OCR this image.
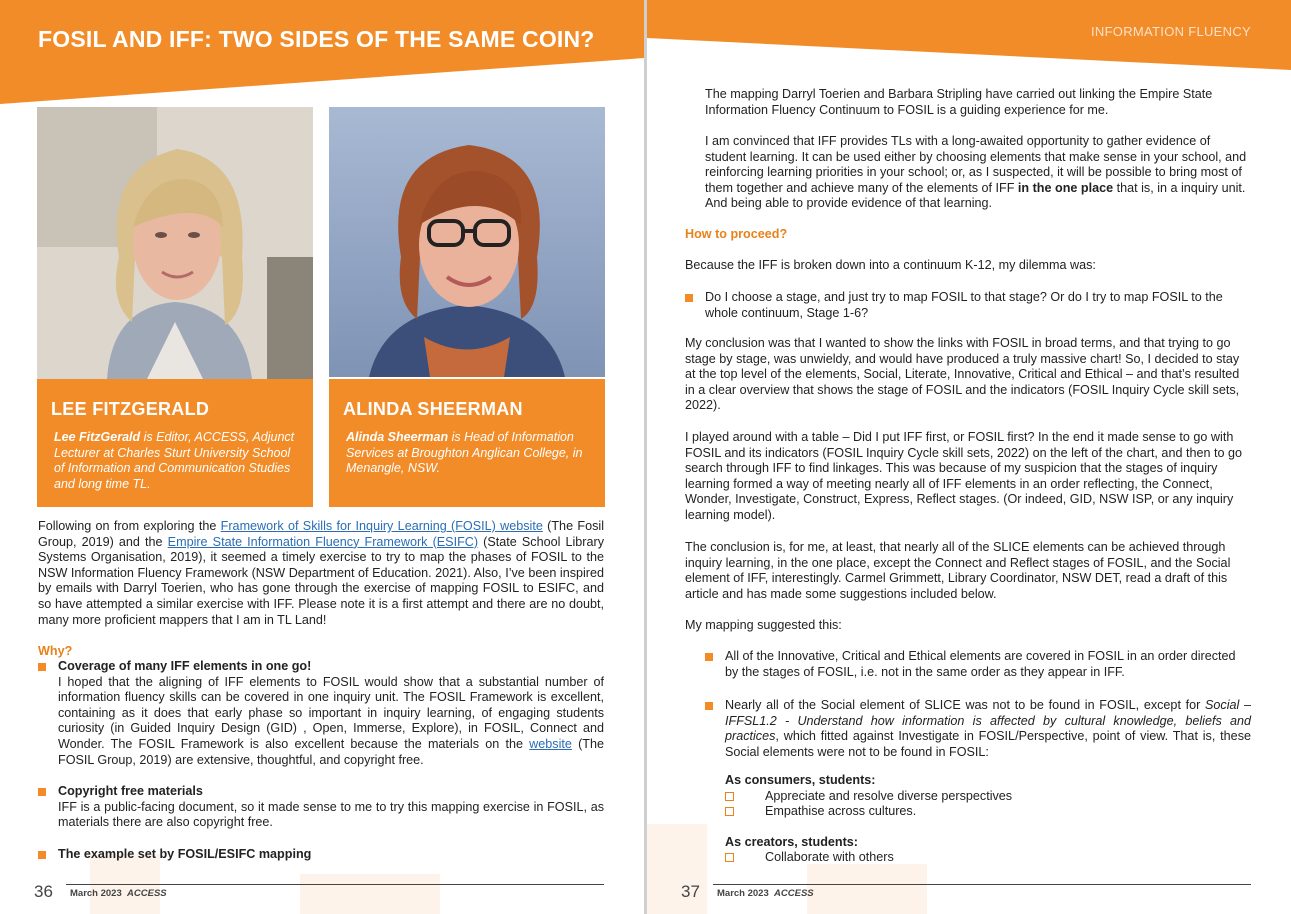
FOSIL AND IFF: TWO SIDES OF THE SAME COIN?
LEE FITZGERALD
Lee FitzGerald is Editor, ACCESS, Adjunct Lecturer at Charles Sturt University School of Information and Communication Studies and long time TL.
ALINDA SHEERMAN
Alinda Sheerman is Head of Information Services at Broughton Anglican College, in Menangle, NSW.
Following on from exploring the Framework of Skills for Inquiry Learning (FOSIL) website (The Fosil Group, 2019) and the Empire State Information Fluency Framework (ESIFC) (State School Library Systems Organisation, 2019), it seemed a timely exercise to try to map the phases of FOSIL to the NSW Information Fluency Framework (NSW Department of Education. 2021). Also, I’ve been inspired by emails with Darryl Toerien, who has gone through the exercise of mapping FOSIL to ESIFC, and so have attempted a similar exercise with IFF. Please note it is a first attempt and there are no doubt, many more proficient mappers that I am in TL Land!
Why?
Coverage of many IFF elements in one go!
I hoped that the aligning of IFF elements to FOSIL would show that a substantial number of information fluency skills can be covered in one inquiry unit. The FOSIL Framework is excellent, containing as it does that early phase so important in inquiry learning, of engaging students curiosity (in Guided Inquiry Design (GID) , Open, Immerse, Explore), in FOSIL, Connect and Wonder. The FOSIL Framework is also excellent because the materials on the website (The FOSIL Group, 2019) are extensive, thoughtful, and copyright free.
Copyright free materials
IFF is a public-facing document, so it made sense to me to try this mapping exercise in FOSIL, as materials there are also copyright free.
The example set by FOSIL/ESIFC mapping
36 March 2023 ACCESS
INFORMATION FLUENCY
The mapping Darryl Toerien and Barbara Stripling have carried out linking the Empire State Information Fluency Continuum to FOSIL is a guiding experience for me.
I am convinced that IFF provides TLs with a long-awaited opportunity to gather evidence of student learning. It can be used either by choosing elements that make sense in your school, and reinforcing learning priorities in your school; or, as I suspected, it will be possible to bring most of them together and achieve many of the elements of IFF in the one place that is, in a inquiry unit. And being able to provide evidence of that learning.
How to proceed?
Because the IFF is broken down into a continuum K-12, my dilemma was:
Do I choose a stage, and just try to map FOSIL to that stage? Or do I try to map FOSIL to the whole continuum, Stage 1-6?
My conclusion was that I wanted to show the links with FOSIL in broad terms, and that trying to go stage by stage, was unwieldy, and would have produced a truly massive chart! So, I decided to stay at the top level of the elements, Social, Literate, Innovative, Critical and Ethical – and that’s resulted in a clear overview that shows the stage of FOSIL and the indicators (FOSIL Inquiry Cycle skill sets, 2022).
I played around with a table – Did I put IFF first, or FOSIL first? In the end it made sense to go with FOSIL and its indicators (FOSIL Inquiry Cycle skill sets, 2022) on the left of the chart, and then to go search through IFF to find linkages. This was because of my suspicion that the stages of inquiry learning formed a way of meeting nearly all of IFF elements in an order reflecting, the Connect, Wonder, Investigate, Construct, Express, Reflect stages. (Or indeed, GID, NSW ISP, or any inquiry learning model).
The conclusion is, for me, at least, that nearly all of the SLICE elements can be achieved through inquiry learning, in the one place, except the Connect and Reflect stages of FOSIL, and the Social element of IFF, interestingly. Carmel Grimmett, Library Coordinator, NSW DET, read a draft of this article and has made some suggestions included below.
My mapping suggested this:
All of the Innovative, Critical and Ethical elements are covered in FOSIL in an order directed by the stages of FOSIL, i.e. not in the same order as they appear in IFF.
Nearly all of the Social element of SLICE was not to be found in FOSIL, except for Social – IFFSL1.2 - Understand how information is affected by cultural knowledge, beliefs and practices, which fitted against Investigate in FOSIL/Perspective, point of view. That is, these Social elements were not to be found in FOSIL:
As consumers, students:
Appreciate and resolve diverse perspectives
Empathise across cultures.
As creators, students:
Collaborate with others
37 March 2023 ACCESS
